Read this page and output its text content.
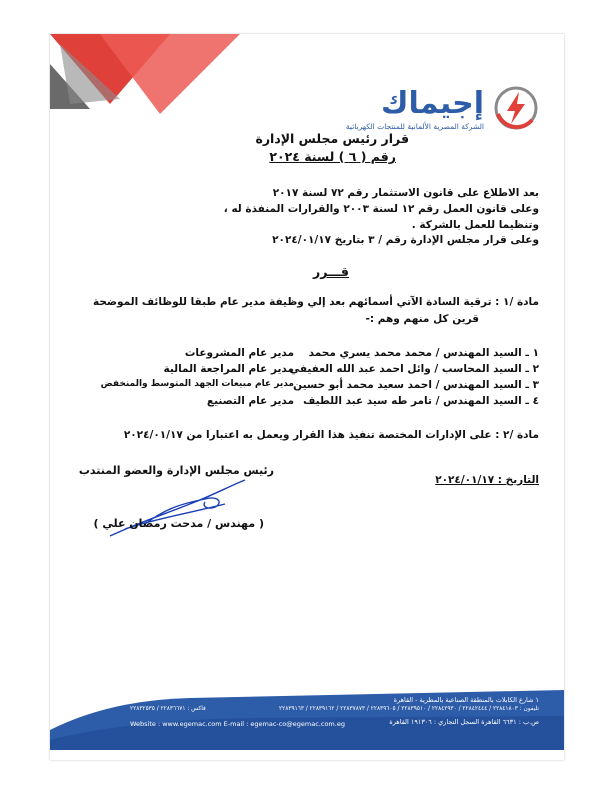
إجيماك
الشركة المصرية الألمانية للمنتجات الكهربائية
قرار رئيس مجلس الإدارة
رقم ( ٦ ) لسنة ٢٠٢٤
بعد الاطلاع على قانون الاستثمار رقم ٧٢ لسنة ٢٠١٧
وعلى قانون العمل رقم ١٢ لسنة ٢٠٠٣ والقرارات المنفذة له ،
وتنظيما للعمل بالشركة .
وعلى قرار مجلس الإدارة رقم / ٣ بتاريخ ٢٠٢٤/٠١/١٧
قـــرر
مادة /١ : ترقية السادة الآتي أسمائهم بعد إلي وظيفة مدير عام طبقا للوظائف الموضحة
قرين كل منهم وهم :-
١ ـ السيد المهندس / محمد محمد يسري محمد
مدير عام المشروعات
٢ ـ السيد المحاسب / وائل احمد عبد الله العفيفي
مدير عام المراجعة المالية
٣ ـ السيد المهندس / احمد سعيد محمد أبو حسين
مدير عام مبيعات الجهد المتوسط والمنخفض
٤ ـ السيد المهندس / تامر طه سيد عبد اللطيف
مدير عام التصنيع
مادة /٢ : على الإدارات المختصة تنفيذ هذا القرار ويعمل به اعتبارا من ٢٠٢٤/٠١/١٧
رئيس مجلس الإدارة والعضو المنتدب
التاريخ : ٢٠٢٤/٠١/١٧
( مهندس / مدحت رمضان علي )
١ شارع الكابلات بالمنطقة الصناعية بالمطرية - القاهرة
تليفون : ٢٢٨٤١٨٠٣ / ٢٢٨٤٢٤٤٤ / ٢٢٨٤٢٩٣٠ / ٢٢٨٣٩٥١٠ / ٢٢٨٣٩٦٠٥ / ٢٢٨٣٧٨٧٣ / ٢٢٨٣٩١٦٢ / ٢٢٨٣٩١٦٣
فاكس : ٢٢٨٣٦٦٧١ / ٢٢٨٣٢٥٣٥
ص.ب : ٦٦٣١ القاهرة السجل التجاري : ١٩١٣٠٦ القاهرة
Website : www.egemac.com E-mail : egemac-co@egemac.com.eg
